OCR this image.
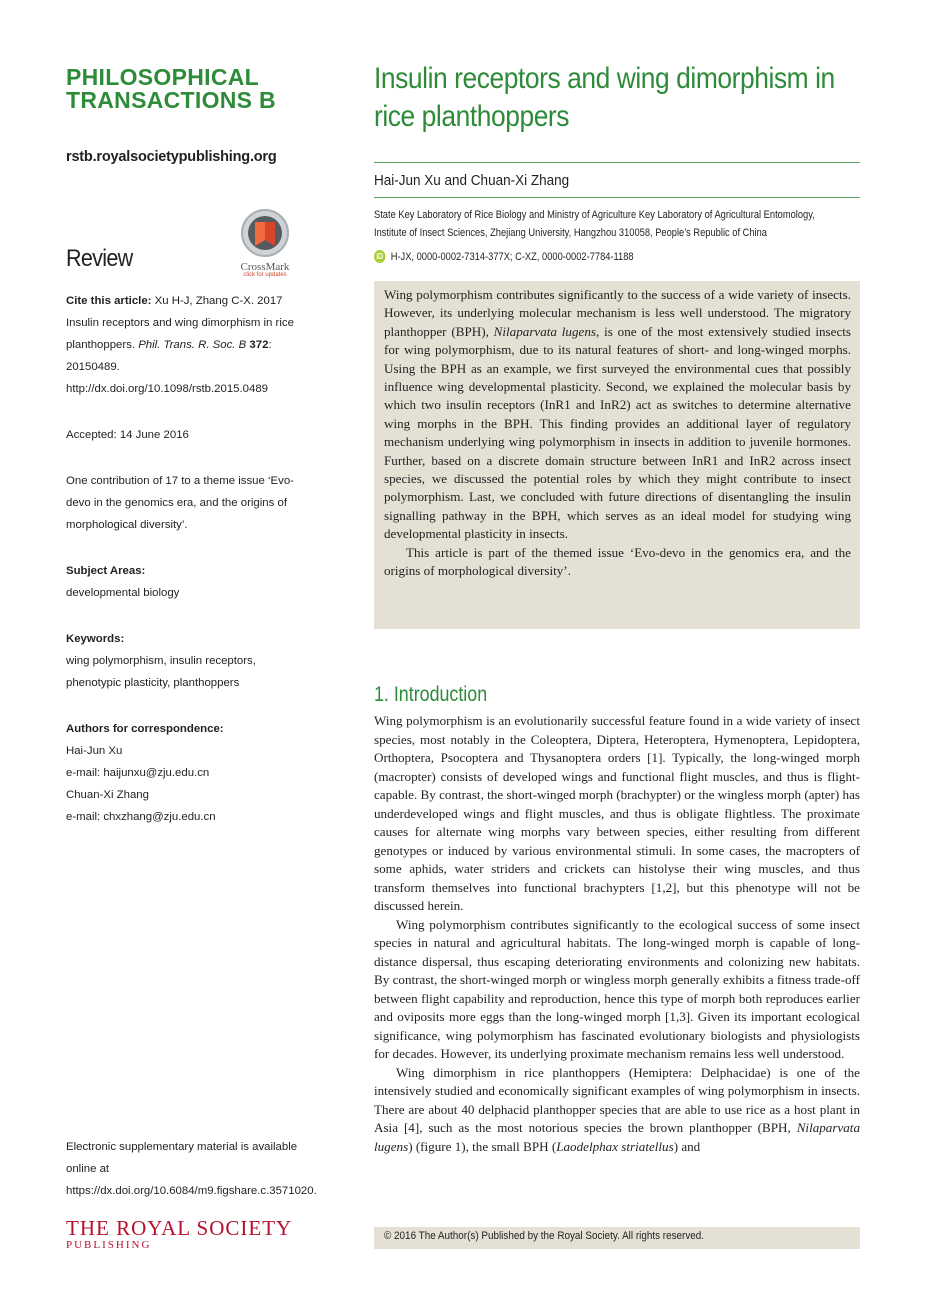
PHILOSOPHICAL
TRANSACTIONS B
rstb.royalsocietypublishing.org
Review	CrossMark
click for updates
Cite this article: Xu H-J, Zhang C-X. 2017 Insulin receptors and wing dimorphism in rice planthoppers. Phil. Trans. R. Soc. B 372: 20150489.
http://dx.doi.org/10.1098/rstb.2015.0489
Accepted: 14 June 2016
One contribution of 17 to a theme issue ‘Evo-devo in the genomics era, and the origins of morphological diversity’.
Subject Areas:
developmental biology
Keywords:
wing polymorphism, insulin receptors, phenotypic plasticity, planthoppers
Authors for correspondence:
Hai-Jun Xu
e-mail: haijunxu@zju.edu.cn
Chuan-Xi Zhang
e-mail: chxzhang@zju.edu.cn
Electronic supplementary material is available online at https://dx.doi.org/10.6084/m9.figshare.c.3571020.
THE ROYAL SOCIETY
PUBLISHING
Insulin receptors and wing dimorphism in rice planthoppers
Hai-Jun Xu and Chuan-Xi Zhang
State Key Laboratory of Rice Biology and Ministry of Agriculture Key Laboratory of Agricultural Entomology, Institute of Insect Sciences, Zhejiang University, Hangzhou 310058, People’s Republic of China
iD H-JX, 0000-0002-7314-377X; C-XZ, 0000-0002-7784-1188

Wing polymorphism contributes significantly to the success of a wide variety of insects. However, its underlying molecular mechanism is less well understood. The migratory planthopper (BPH), Nilaparvata lugens, is one of the most extensively studied insects for wing polymorphism, due to its natural features of short- and long-winged morphs. Using the BPH as an example, we first surveyed the environmental cues that possibly influence wing developmental plasticity. Second, we explained the molecular basis by which two insulin receptors (InR1 and InR2) act as switches to determine alternative wing morphs in the BPH. This finding provides an additional layer of regulatory mechanism underlying wing polymorphism in insects in addition to juvenile hormones. Further, based on a discrete domain structure between InR1 and InR2 across insect species, we discussed the potential roles by which they might contribute to insect polymorphism. Last, we concluded with future directions of disentangling the insulin signalling pathway in the BPH, which serves as an ideal model for studying wing developmental plasticity in insects.

This article is part of the themed issue ‘Evo-devo in the genomics era, and the origins of morphological diversity’.

1. Introduction

Wing polymorphism is an evolutionarily successful feature found in a wide variety of insect species, most notably in the Coleoptera, Diptera, Heteroptera, Hymenoptera, Lepidoptera, Orthoptera, Psocoptera and Thysanoptera orders [1]. Typically, the long-winged morph (macropter) consists of developed wings and functional flight muscles, and thus is flight-capable. By contrast, the short-winged morph (brachypter) or the wingless morph (apter) has underdeveloped wings and flight muscles, and thus is obligate flightless. The proximate causes for alternate wing morphs vary between species, either resulting from different genotypes or induced by various environmental stimuli. In some cases, the macropters of some aphids, water striders and crickets can histolyse their wing muscles, and thus transform themselves into functional brachypters [1,2], but this phenotype will not be discussed herein.

Wing polymorphism contributes significantly to the ecological success of some insect species in natural and agricultural habitats. The long-winged morph is capable of long-distance dispersal, thus escaping deteriorating environments and colonizing new habitats. By contrast, the short-winged morph or wingless morph generally exhibits a fitness trade-off between flight capability and reproduction, hence this type of morph both reproduces earlier and oviposits more eggs than the long-winged morph [1,3]. Given its important ecological significance, wing polymorphism has fascinated evolutionary biologists and physiologists for decades. However, its underlying proximate mechanism remains less well understood.

Wing dimorphism in rice planthoppers (Hemiptera: Delphacidae) is one of the intensively studied and economically significant examples of wing polymorphism in insects. There are about 40 delphacid planthopper species that are able to use rice as a host plant in Asia [4], such as the most notorious species the brown planthopper (BPH, Nilaparvata lugens) (figure 1), the small BPH (Laodelphax striatellus) and

© 2016 The Author(s) Published by the Royal Society. All rights reserved.
